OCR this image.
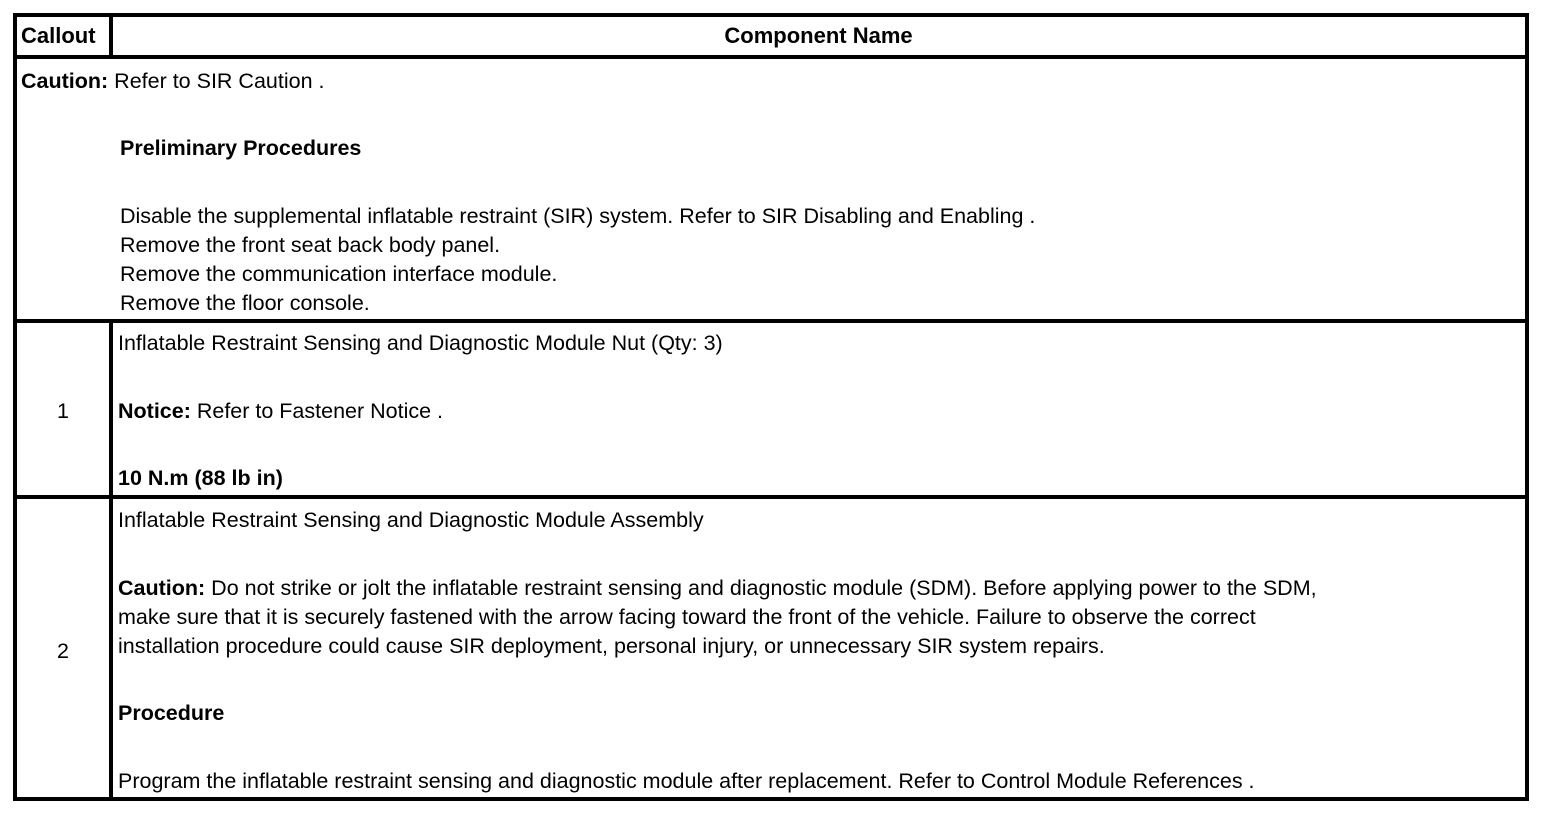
Callout	Component Name
Caution: Refer to SIR Caution .
Preliminary Procedures
Disable the supplemental inflatable restraint (SIR) system. Refer to SIR Disabling and Enabling .
Remove the front seat back body panel.
Remove the communication interface module.
Remove the floor console.
1
Inflatable Restraint Sensing and Diagnostic Module Nut (Qty: 3)
Notice: Refer to Fastener Notice .
10 N.m (88 lb in)
2
Inflatable Restraint Sensing and Diagnostic Module Assembly
Caution: Do not strike or jolt the inflatable restraint sensing and diagnostic module (SDM). Before applying power to the SDM,
make sure that it is securely fastened with the arrow facing toward the front of the vehicle. Failure to observe the correct
installation procedure could cause SIR deployment, personal injury, or unnecessary SIR system repairs.
Procedure
Program the inflatable restraint sensing and diagnostic module after replacement. Refer to Control Module References .
